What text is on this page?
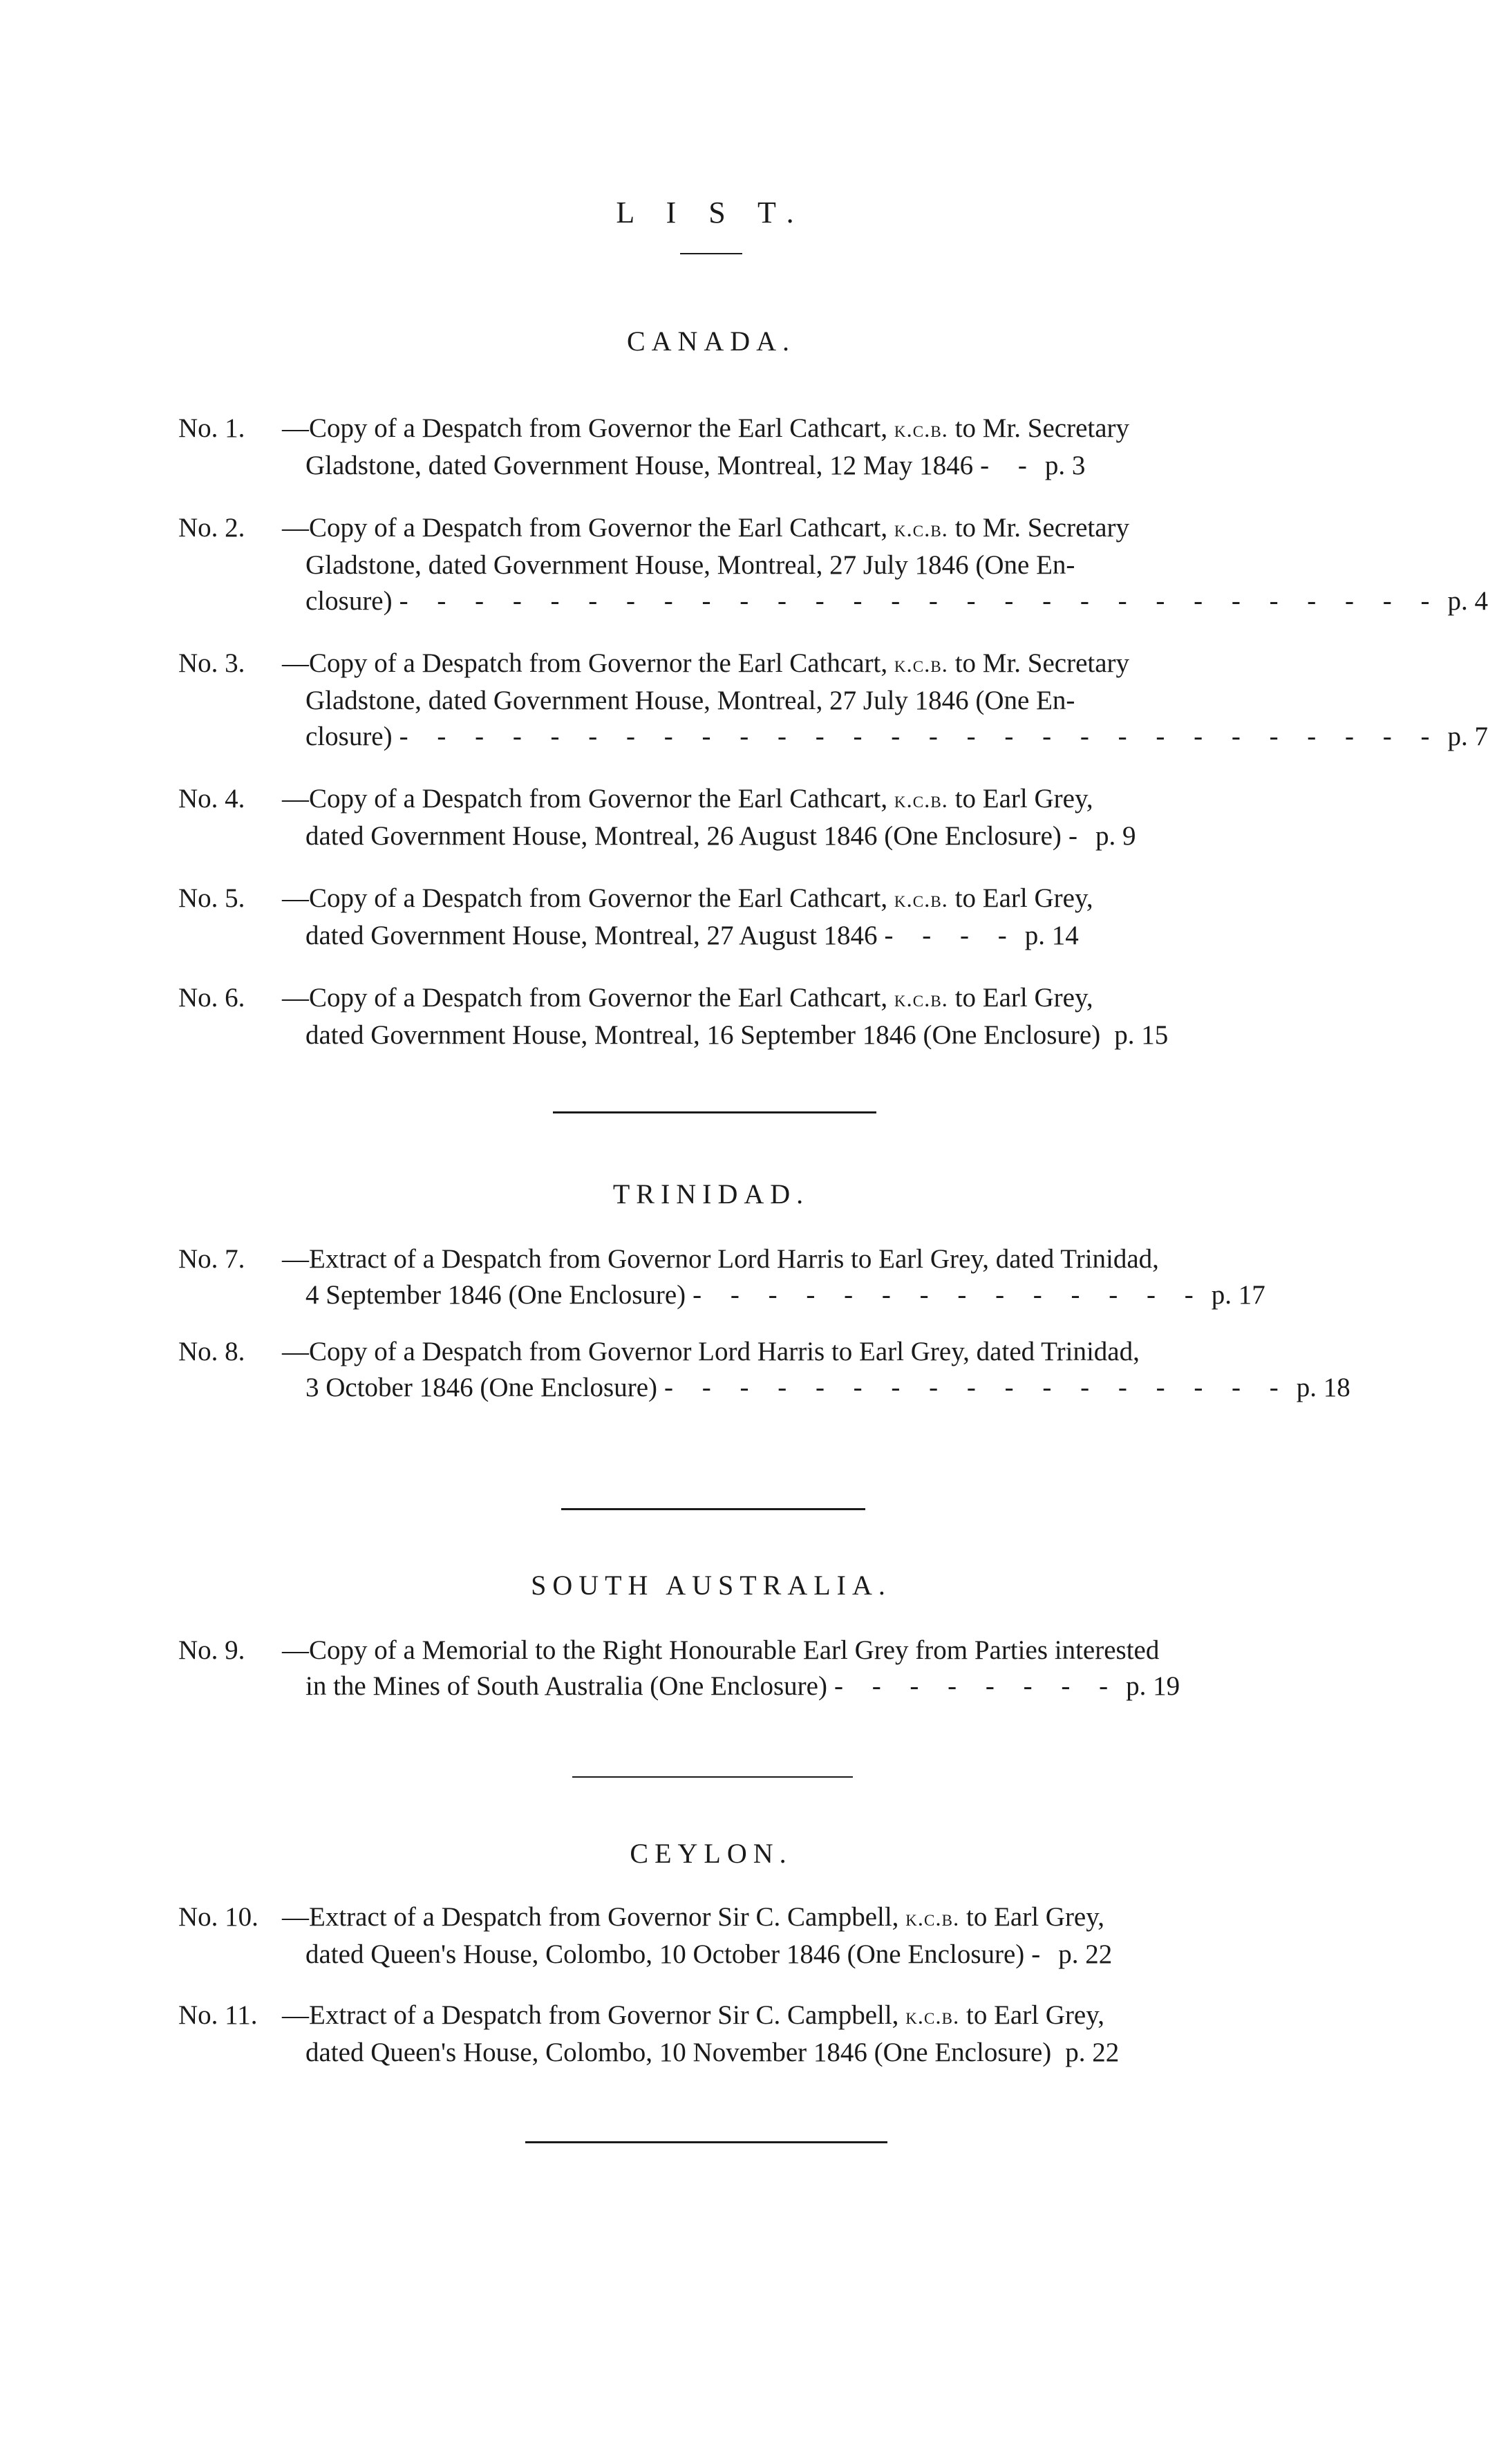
L I S T.
CANADA.
No. 1.	—Copy of a Despatch from Governor the Earl Cathcart, k.c.b. to Mr. Secretary
Gladstone, dated Government House, Montreal, 12 May 1846 - - p. 3
No. 2.	—Copy of a Despatch from Governor the Earl Cathcart, k.c.b. to Mr. Secretary
Gladstone, dated Government House, Montreal, 27 July 1846 (One En-
closure) - - - - - - - - - - - - - - - - - - - - - - - - - - - - p. 4
No. 3.	—Copy of a Despatch from Governor the Earl Cathcart, k.c.b. to Mr. Secretary
Gladstone, dated Government House, Montreal, 27 July 1846 (One En-
closure) - - - - - - - - - - - - - - - - - - - - - - - - - - - - p. 7
No. 4.	—Copy of a Despatch from Governor the Earl Cathcart, k.c.b. to Earl Grey,
dated Government House, Montreal, 26 August 1846 (One Enclosure) - p. 9
No. 5.	—Copy of a Despatch from Governor the Earl Cathcart, k.c.b. to Earl Grey,
dated Government House, Montreal, 27 August 1846 - - - - p. 14
No. 6.	—Copy of a Despatch from Governor the Earl Cathcart, k.c.b. to Earl Grey,
dated Government House, Montreal, 16 September 1846 (One Enclosure) p. 15
TRINIDAD.
No. 7.	—Extract of a Despatch from Governor Lord Harris to Earl Grey, dated Trinidad,
4 September 1846 (One Enclosure) - - - - - - - - - - - - - - p. 17
No. 8.	—Copy of a Despatch from Governor Lord Harris to Earl Grey, dated Trinidad,
3 October 1846 (One Enclosure) - - - - - - - - - - - - - - - - - p. 18
SOUTH AUSTRALIA.
No. 9.	—Copy of a Memorial to the Right Honourable Earl Grey from Parties interested
in the Mines of South Australia (One Enclosure) - - - - - - - - p. 19
CEYLON.
No. 10. —Extract of a Despatch from Governor Sir C. Campbell, k.c.b. to Earl Grey,
dated Queen's House, Colombo, 10 October 1846 (One Enclosure) - p. 22
No. 11. —Extract of a Despatch from Governor Sir C. Campbell, k.c.b. to Earl Grey,
dated Queen's House, Colombo, 10 November 1846 (One Enclosure) p. 22
